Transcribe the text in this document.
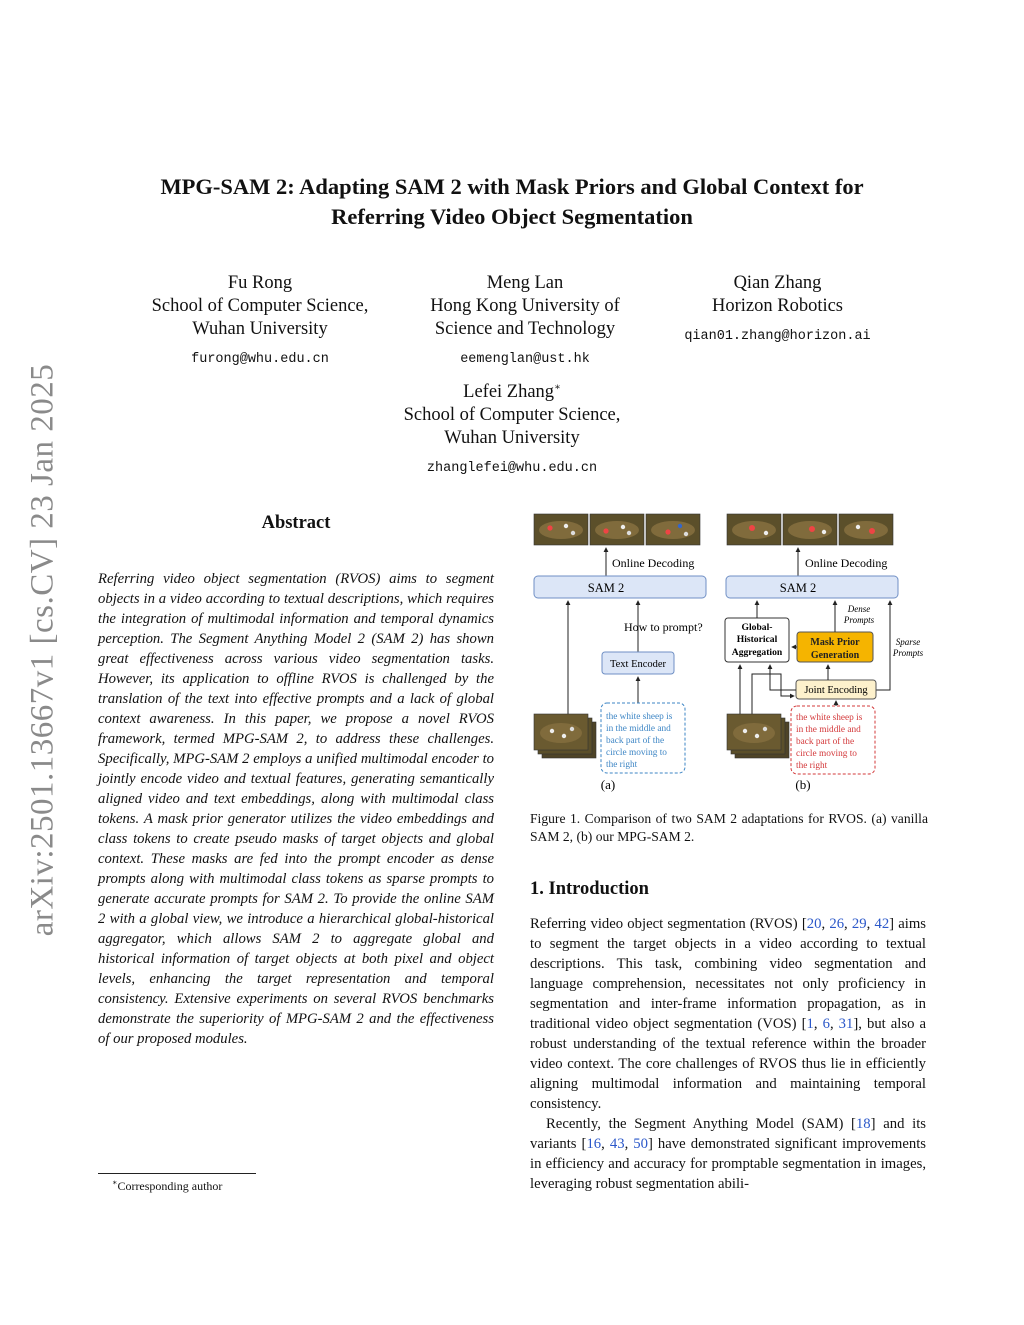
arXiv:2501.13667v1 [cs.CV] 23 Jan 2025
MPG-SAM 2: Adapting SAM 2 with Mask Priors and Global Context for
Referring Video Object Segmentation
Fu Rong
School of Computer Science,
Wuhan University
furong@whu.edu.cn
Meng Lan
Hong Kong University of
Science and Technology
eemenglan@ust.hk
Qian Zhang
Horizon Robotics
qian01.zhang@horizon.ai
Lefei Zhang∗
School of Computer Science,
Wuhan University
zhanglefei@whu.edu.cn
Abstract

Referring video object segmentation (RVOS) aims to segment objects in a video according to textual descriptions, which requires the integration of multimodal information and temporal dynamics perception. The Segment Anything Model 2 (SAM 2) has shown great effectiveness across various video segmentation tasks. However, its application to offline RVOS is challenged by the translation of the text into effective prompts and a lack of global context awareness. In this paper, we propose a novel RVOS framework, termed MPG-SAM 2, to address these challenges. Specifically, MPG-SAM 2 employs a unified multimodal encoder to jointly encode video and textual features, generating semantically aligned video and text embeddings, along with multimodal class tokens. A mask prior generator utilizes the video embeddings and class tokens to create pseudo masks of target objects and global context. These masks are fed into the prompt encoder as dense prompts along with multimodal class tokens as sparse prompts to generate accurate prompts for SAM 2. To provide the online SAM 2 with a global view, we introduce a hierarchical global-historical aggregator, which allows SAM 2 to aggregate global and historical information of target objects at both pixel and object levels, enhancing the target representation and temporal consistency. Extensive experiments on several RVOS benchmarks demonstrate the superiority of MPG-SAM 2 and the effectiveness of our proposed modules.

∗Corresponding author
Online Decoding
SAM 2
How to prompt?
Text Encoder
the white sheep is
in the middle and
back part of the
circle moving to
the right
(a)
Online Decoding
SAM 2
Global-
Historical
Aggregation
Mask Prior
Generation
Dense
Prompts
Sparse
Prompts
Joint Encoding
the white sheep is
in the middle and
back part of the
circle moving to
the right
(b)

Figure 1. Comparison of two SAM 2 adaptations for RVOS. (a) vanilla SAM 2, (b) our MPG-SAM 2.

1. Introduction

Referring video object segmentation (RVOS) [20, 26, 29, 42] aims to segment the target objects in a video according to textual descriptions. This task, combining video segmentation and language comprehension, necessitates not only proficiency in segmentation and inter-frame information propagation, as in traditional video object segmentation (VOS) [1, 6, 31], but also a robust understanding of the textual reference within the broader video context. The core challenges of RVOS thus lie in efficiently aligning multimodal information and maintaining temporal consistency.

Recently, the Segment Anything Model (SAM) [18] and its variants [16, 43, 50] have demonstrated significant improvements in efficiency and accuracy for promptable segmentation in images, leveraging robust segmentation abili-
